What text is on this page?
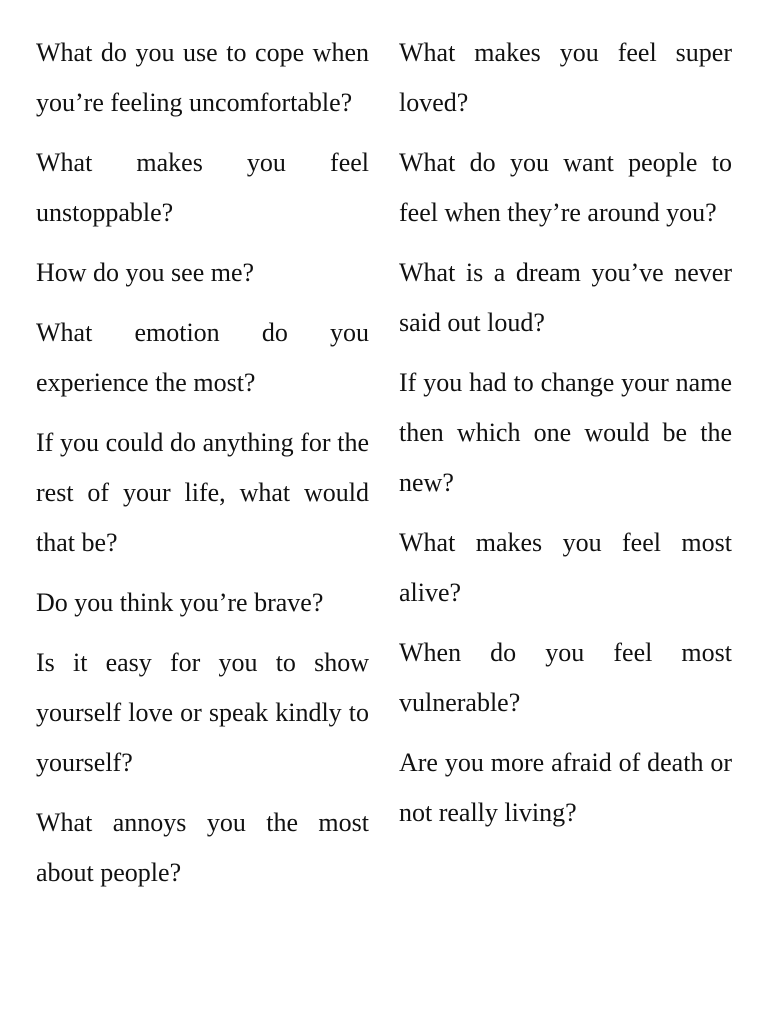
What do you use to cope when you’re feeling uncomfortable?

What makes you feel unstoppable?

How do you see me?

What emotion do you experience the most?

If you could do anything for the rest of your life, what would that be?

Do you think you’re brave?

Is it easy for you to show yourself love or speak kindly to yourself?

What annoys you the most about people?

What makes you feel super loved?

What do you want people to feel when they’re around you?

What is a dream you’ve never said out loud?

If you had to change your name then which one would be the new?

What makes you feel most alive?

When do you feel most vulnerable?

Are you more afraid of death or not really living?
